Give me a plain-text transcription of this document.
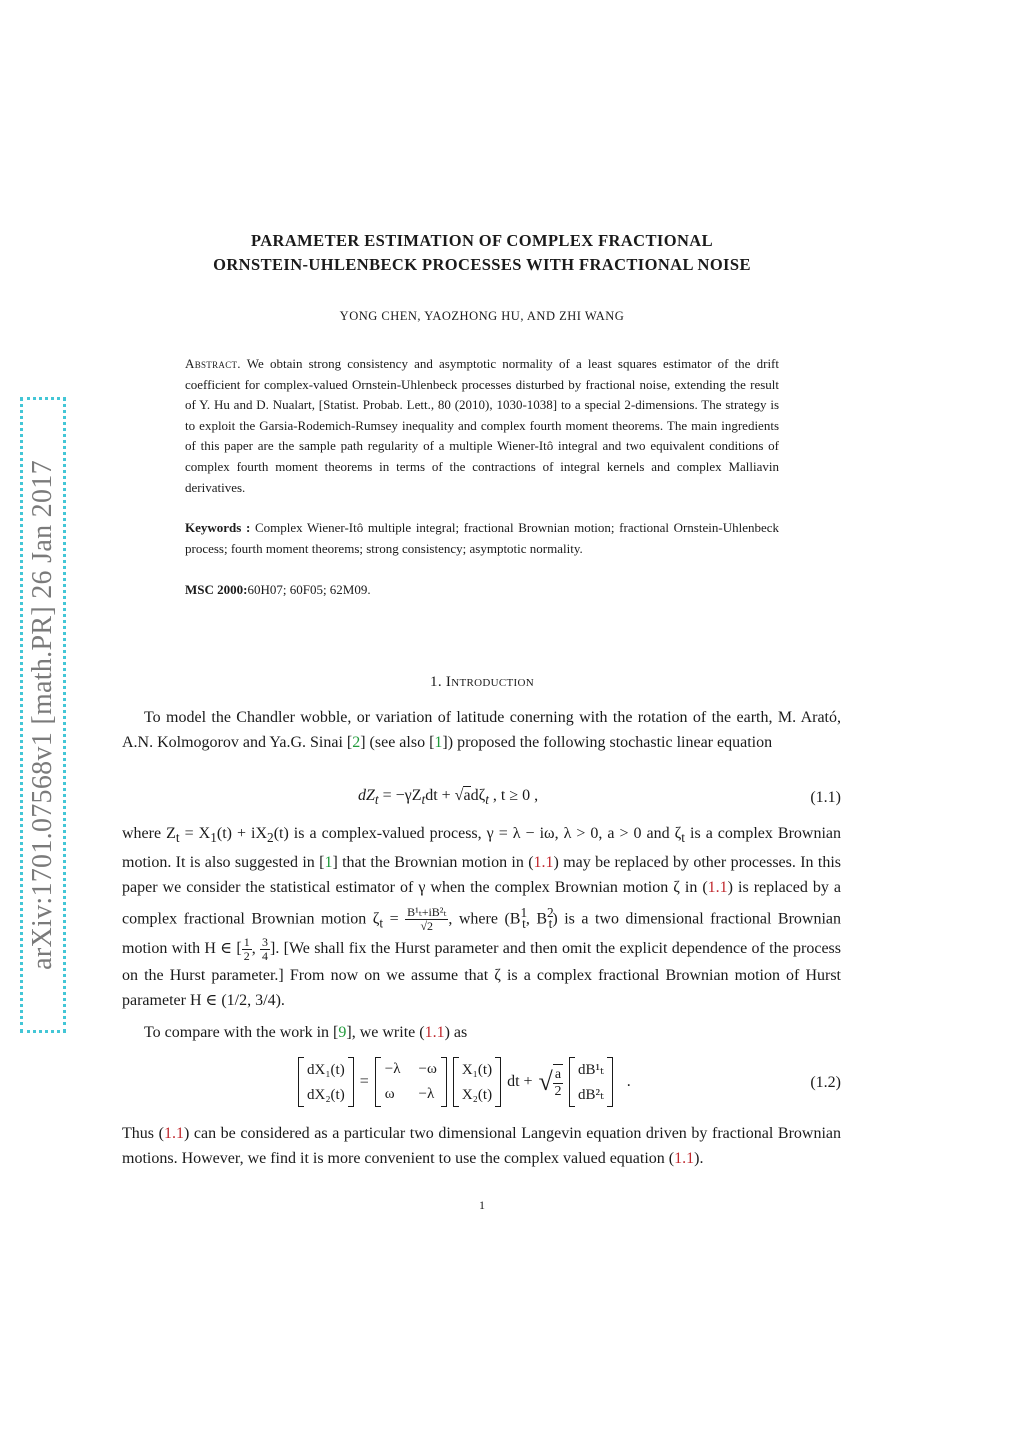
arXiv:1701.07568v1 [math.PR] 26 Jan 2017
PARAMETER ESTIMATION OF COMPLEX FRACTIONAL
ORNSTEIN-UHLENBECK PROCESSES WITH FRACTIONAL NOISE
YONG CHEN, YAOZHONG HU, AND ZHI WANG
Abstract. We obtain strong consistency and asymptotic normality of a least squares estimator of the drift coefficient for complex-valued Ornstein-Uhlenbeck processes disturbed by fractional noise, extending the result of Y. Hu and D. Nualart, [Statist. Probab. Lett., 80 (2010), 1030-1038] to a special 2-dimensions. The strategy is to exploit the Garsia-Rodemich-Rumsey inequality and complex fourth moment theorems. The main ingredients of this paper are the sample path regularity of a multiple Wiener-Itô integral and two equivalent conditions of complex fourth moment theorems in terms of the contractions of integral kernels and complex Malliavin derivatives.
Keywords : Complex Wiener-Itô multiple integral; fractional Brownian motion; fractional Ornstein-Uhlenbeck process; fourth moment theorems; strong consistency; asymptotic normality.
MSC 2000:60H07; 60F05; 62M09.
1. Introduction
To model the Chandler wobble, or variation of latitude conerning with the rotation of the earth, M. Arató, A.N. Kolmogorov and Ya.G. Sinai [2] (see also [1]) proposed the following stochastic linear equation
$dZ_t = -\gamma Z_tdt + √ad\zeta_t$ , t ≥ 0 ,	(1.1)
where $Z_t = X_1(t) + iX_2(t)$ is a complex-valued process, γ = λ − iω, λ > 0, a > 0 and $\zeta_t$ is a complex Brownian motion. It is also suggested in [1] that the Brownian motion in (1.1) may be replaced by other processes. In this paper we consider the statistical estimator of γ when the complex Brownian motion ζ in (1.1) is replaced by a complex fractional Brownian motion $\zeta_t = \frac{\text{B¹ₜ+iB²ₜ}}{√2}$ , where ($B^1_t$, $B^2_t$) is a two dimensional fractional Brownian motion with H ∈ [ $\frac{1}{2}$ , $\frac{3}{4}$ ]. [We shall fix the Hurst parameter and then omit the explicit dependence of the process on the Hurst parameter.] From now on we assume that ζ is a complex fractional Brownian motion of Hurst parameter H ∈ (1/2, 3/4).
To compare with the work in [9], we write (1.1) as
dX₁(t)
dX₂(t)
=
−λ −ω
ω	−λ
X₁(t)
X₂(t)
dt + √ $\frac{a}{2} dB^1_t$
dB²ₜ
.	(1.2)
Thus (1.1) can be considered as a particular two dimensional Langevin equation driven by fractional Brownian motions. However, we find it is more convenient to use the complex valued equation (1.1).
1
